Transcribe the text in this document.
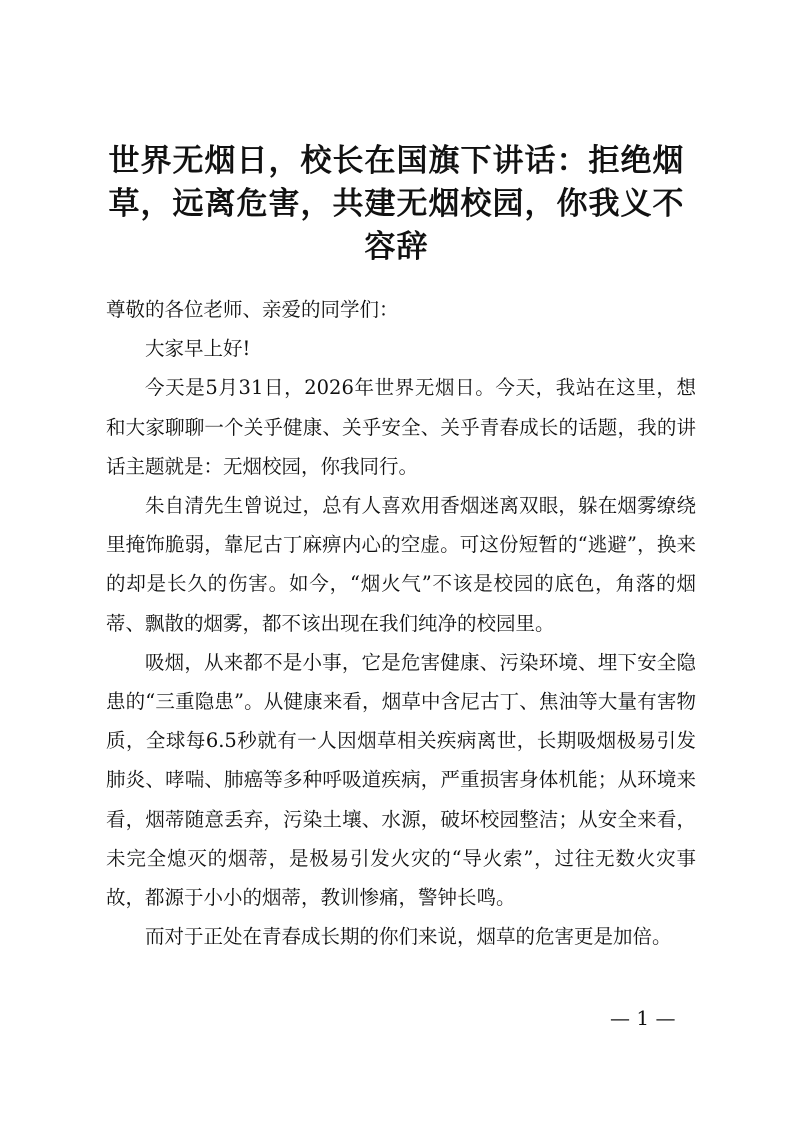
世界无烟日，校长在国旗下讲话：拒绝烟草，远离危害，共建无烟校园，你我义不容辞

尊敬的各位老师、亲爱的同学们：

大家早上好!

今天是5月31日，2026年世界无烟日。今天，我站在这里，想和大家聊聊一个关乎健康、关乎安全、关乎青春成长的话题，我的讲话主题就是：无烟校园，你我同行。

朱自清先生曾说过，总有人喜欢用香烟迷离双眼，躲在烟雾缭绕里掩饰脆弱，靠尼古丁麻痹内心的空虚。可这份短暂的“逃避”，换来的却是长久的伤害。如今，“烟火气”不该是校园的底色，角落的烟蒂、飘散的烟雾，都不该出现在我们纯净的校园里。

吸烟，从来都不是小事，它是危害健康、污染环境、埋下安全隐患的“三重隐患”。从健康来看，烟草中含尼古丁、焦油等大量有害物质，全球每6.5秒就有一人因烟草相关疾病离世，长期吸烟极易引发肺炎、哮喘、肺癌等多种呼吸道疾病，严重损害身体机能；从环境来看，烟蒂随意丢弃，污染土壤、水源，破坏校园整洁；从安全来看，未完全熄灭的烟蒂，是极易引发火灾的“导火索”，过往无数火灾事故，都源于小小的烟蒂，教训惨痛，警钟长鸣。

而对于正处在青春成长期的你们来说，烟草的危害更是加倍。

— 1 —
